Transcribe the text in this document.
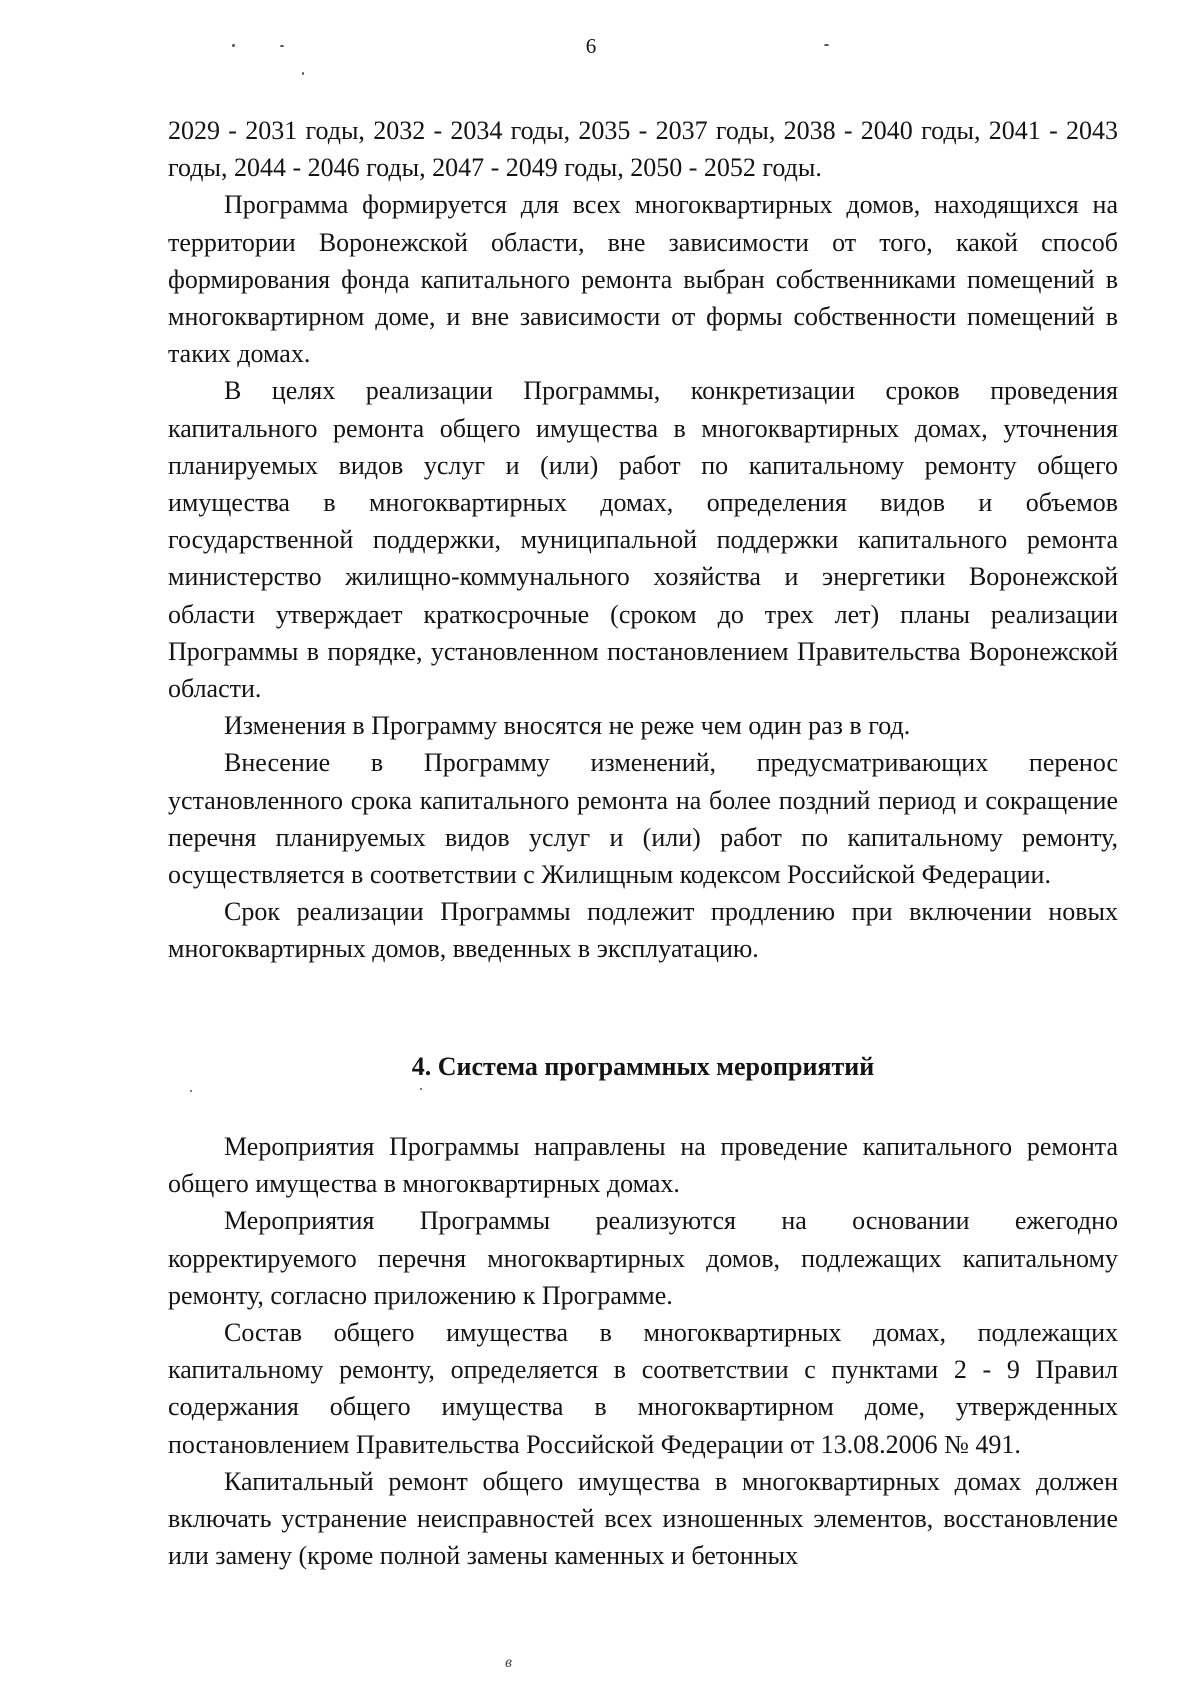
6

2029 - 2031 годы, 2032 - 2034 годы, 2035 - 2037 годы, 2038 - 2040 годы, 2041 - 2043 годы, 2044 - 2046 годы, 2047 - 2049 годы, 2050 - 2052 годы.

Программа формируется для всех многоквартирных домов, находящихся на территории Воронежской области, вне зависимости от того, какой способ формирования фонда капитального ремонта выбран собственниками помещений в многоквартирном доме, и вне зависимости от формы собственности помещений в таких домах.

В целях реализации Программы, конкретизации сроков проведения капитального ремонта общего имущества в многоквартирных домах, уточнения планируемых видов услуг и (или) работ по капитальному ремонту общего имущества в многоквартирных домах, определения видов и объемов государственной поддержки, муниципальной поддержки капитального ремонта министерство жилищно-коммунального хозяйства и энергетики Воронежской области утверждает краткосрочные (сроком до трех лет) планы реализации Программы в порядке, установленном постановлением Правительства Воронежской области.

Изменения в Программу вносятся не реже чем один раз в год.

Внесение в Программу изменений, предусматривающих перенос установленного срока капитального ремонта на более поздний период и сокращение перечня планируемых видов услуг и (или) работ по капитальному ремонту, осуществляется в соответствии с Жилищным кодексом Российской Федерации.

Срок реализации Программы подлежит продлению при включении новых многоквартирных домов, введенных в эксплуатацию.

4. Система программных мероприятий

Мероприятия Программы направлены на проведение капитального ремонта общего имущества в многоквартирных домах.

Мероприятия Программы реализуются на основании ежегодно корректируемого перечня многоквартирных домов, подлежащих капитальному ремонту, согласно приложению к Программе.

Состав общего имущества в многоквартирных домах, подлежащих капитальному ремонту, определяется в соответствии с пунктами 2 - 9 Правил содержания общего имущества в многоквартирном доме, утвержденных постановлением Правительства Российской Федерации от 13.08.2006 № 491.

Капитальный ремонт общего имущества в многоквартирных домах должен включать устранение неисправностей всех изношенных элементов, восстановление или замену (кроме полной замены каменных и бетонных

в
